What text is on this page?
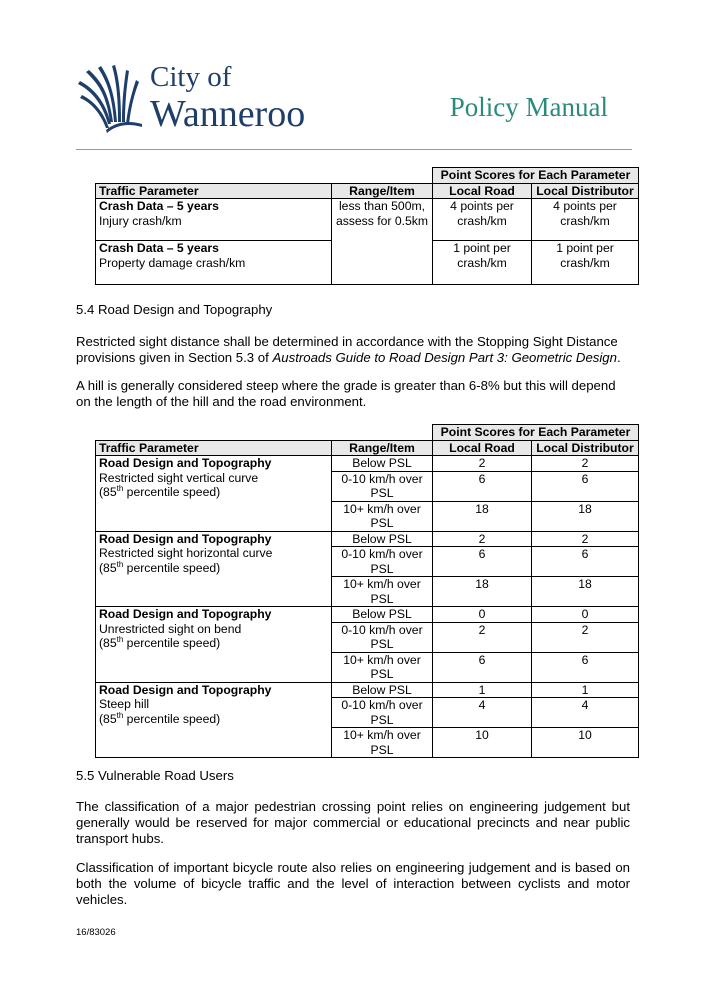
City of
Wanneroo	Policy Manual
		Point Scores for Each Parameter	
Traffic Parameter	Range/Item	Local Road	Local Distributor

Crash Data – 5 years
Injury crash/km	less than 500m, assess for 0.5km	4 points per crash/km	4 points per crash/km

Crash Data – 5 years
Property damage crash/km		1 point per crash/km	1 point per crash/km

5.4 Road Design and Topography

Restricted sight distance shall be determined in accordance with the Stopping Sight Distance provisions given in Section 5.3 of Austroads Guide to Road Design Part 3: Geometric Design.

A hill is generally considered steep where the grade is greater than 6-8% but this will depend on the length of the hill and the road environment.

		Point Scores for Each Parameter	
Traffic Parameter	Range/Item	Local Road	Local Distributor

Road Design and Topography
Restricted sight vertical curve
(85th percentile speed)	Below PSL	2	2
	0-10 km/h over PSL	6	6
	10+ km/h over PSL	18	18

Road Design and Topography
Restricted sight horizontal curve
(85th percentile speed)	Below PSL	2	2
	0-10 km/h over PSL	6	6
	10+ km/h over PSL	18	18

Road Design and Topography
Unrestricted sight on bend
(85th percentile speed)	Below PSL	0	0
	0-10 km/h over PSL	2	2
	10+ km/h over PSL	6	6

Road Design and Topography
Steep hill
(85th percentile speed)	Below PSL	1	1
	0-10 km/h over PSL	4	4
	10+ km/h over PSL	10	10

5.5 Vulnerable Road Users

The classification of a major pedestrian crossing point relies on engineering judgement but generally would be reserved for major commercial or educational precincts and near public transport hubs.

Classification of important bicycle route also relies on engineering judgement and is based on both the volume of bicycle traffic and the level of interaction between cyclists and motor vehicles.

16/83026
